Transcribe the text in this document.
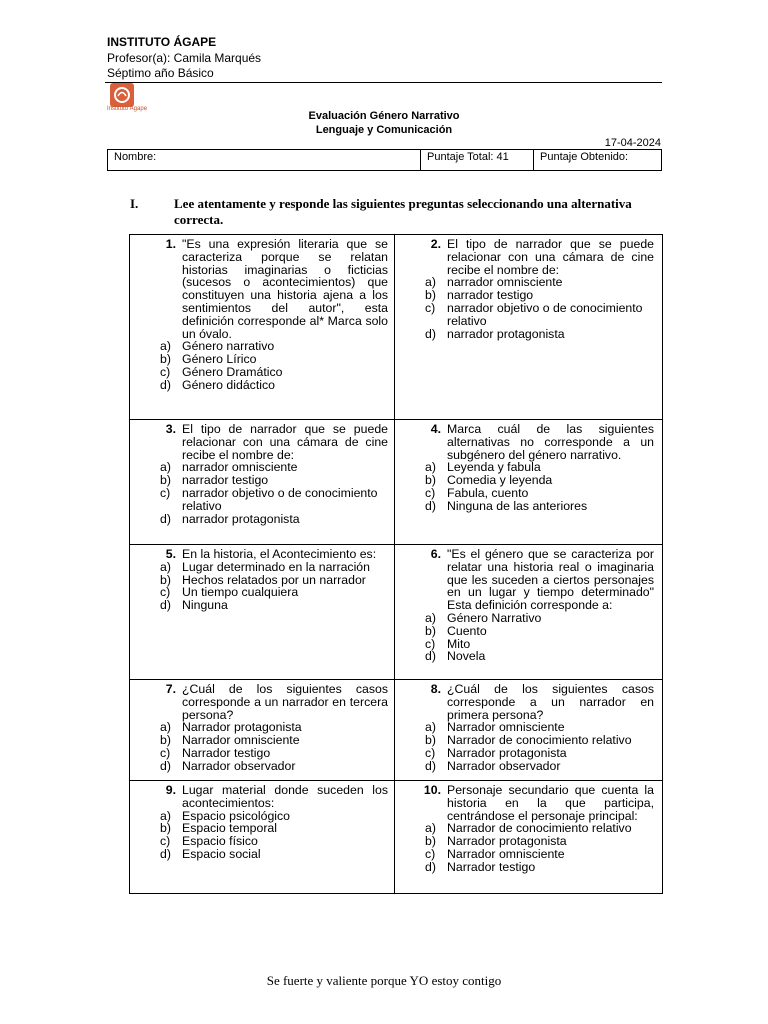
INSTITUTO ÁGAPE
Profesor(a): Camila Marqués
Séptimo año Básico
Instituto Ágape
Evaluación Género Narrativo
Lenguaje y Comunicación
17-04-2024
Nombre:	Puntaje Total: 41	Puntaje Obtenido:
I.	Lee atentamente y responde las siguientes preguntas seleccionando una alternativa correcta.
1. "Es una expresión literaria que se caracteriza porque se relatan historias imaginarias o ficticias (sucesos o acontecimientos) que constituyen una historia ajena a los sentimientos del autor", esta definición corresponde al* Marca solo un óvalo.
a) Género narrativo
b) Género Lírico
c) Género Dramático
d) Género didáctico
2. El tipo de narrador que se puede relacionar con una cámara de cine recibe el nombre de:
a) narrador omnisciente
b) narrador testigo
c) narrador objetivo o de conocimiento relativo
d) narrador protagonista
3. El tipo de narrador que se puede relacionar con una cámara de cine recibe el nombre de:
a) narrador omnisciente
b) narrador testigo
c) narrador objetivo o de conocimiento relativo
d) narrador protagonista
4. Marca cuál de las siguientes alternativas no corresponde a un subgénero del género narrativo.
a) Leyenda y fabula
b) Comedia y leyenda
c) Fabula, cuento
d) Ninguna de las anteriores
5. En la historia, el Acontecimiento es:
a) Lugar determinado en la narración
b) Hechos relatados por un narrador
c) Un tiempo cualquiera
d) Ninguna
6. "Es el género que se caracteriza por relatar una historia real o imaginaria que les suceden a ciertos personajes en un lugar y tiempo determinado" Esta definición corresponde a:
a) Género Narrativo
b) Cuento
c) Mito
d) Novela
7. ¿Cuál de los siguientes casos corresponde a un narrador en tercera persona?
a) Narrador protagonista
b) Narrador omnisciente
c) Narrador testigo
d) Narrador observador
8. ¿Cuál de los siguientes casos corresponde a un narrador en primera persona?
a) Narrador omnisciente
b) Narrador de conocimiento relativo
c) Narrador protagonista
d) Narrador observador
9. Lugar material donde suceden los acontecimientos:
a) Espacio psicológico
b) Espacio temporal
c) Espacio físico
d) Espacio social
10. Personaje secundario que cuenta la historia en la que participa, centrándose el personaje principal:
a) Narrador de conocimiento relativo
b) Narrador protagonista
c) Narrador omnisciente
d) Narrador testigo
Se fuerte y valiente porque YO estoy contigo
